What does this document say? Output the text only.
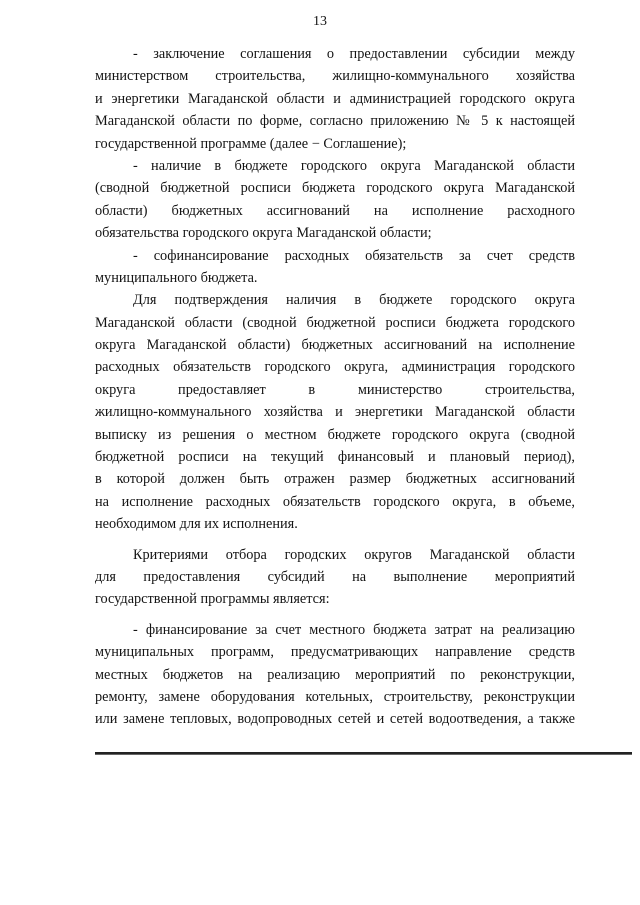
13
- заключение соглашения о предоставлении субсидии между
министерством строительства, жилищно-коммунального хозяйства
и энергетики Магаданской области и администрацией городского округа
Магаданской области по форме, согласно приложению № 5 к настоящей
государственной программе (далее − Соглашение);
- наличие в бюджете городского округа Магаданской области
(сводной бюджетной росписи бюджета городского округа Магаданской
области) бюджетных ассигнований на исполнение расходного
обязательства городского округа Магаданской области;
- софинансирование расходных обязательств за счет средств
муниципального бюджета.
Для подтверждения наличия в бюджете городского округа
Магаданской области (сводной бюджетной росписи бюджета городского
округа Магаданской области) бюджетных ассигнований на исполнение
расходных обязательств городского округа, администрация городского
округа предоставляет в министерство строительства,
жилищно-коммунального хозяйства и энергетики Магаданской области
выписку из решения о местном бюджете городского округа (сводной
бюджетной росписи на текущий финансовый и плановый период),
в которой должен быть отражен размер бюджетных ассигнований
на исполнение расходных обязательств городского округа, в объеме,
необходимом для их исполнения.
Критериями отбора городских округов Магаданской области
для предоставления субсидий на выполнение мероприятий
государственной программы является:
- финансирование за счет местного бюджета затрат на реализацию
муниципальных программ, предусматривающих направление средств
местных бюджетов на реализацию мероприятий по реконструкции,
ремонту, замене оборудования котельных, строительству, реконструкции
или замене тепловых, водопроводных сетей и сетей водоотведения, а также
